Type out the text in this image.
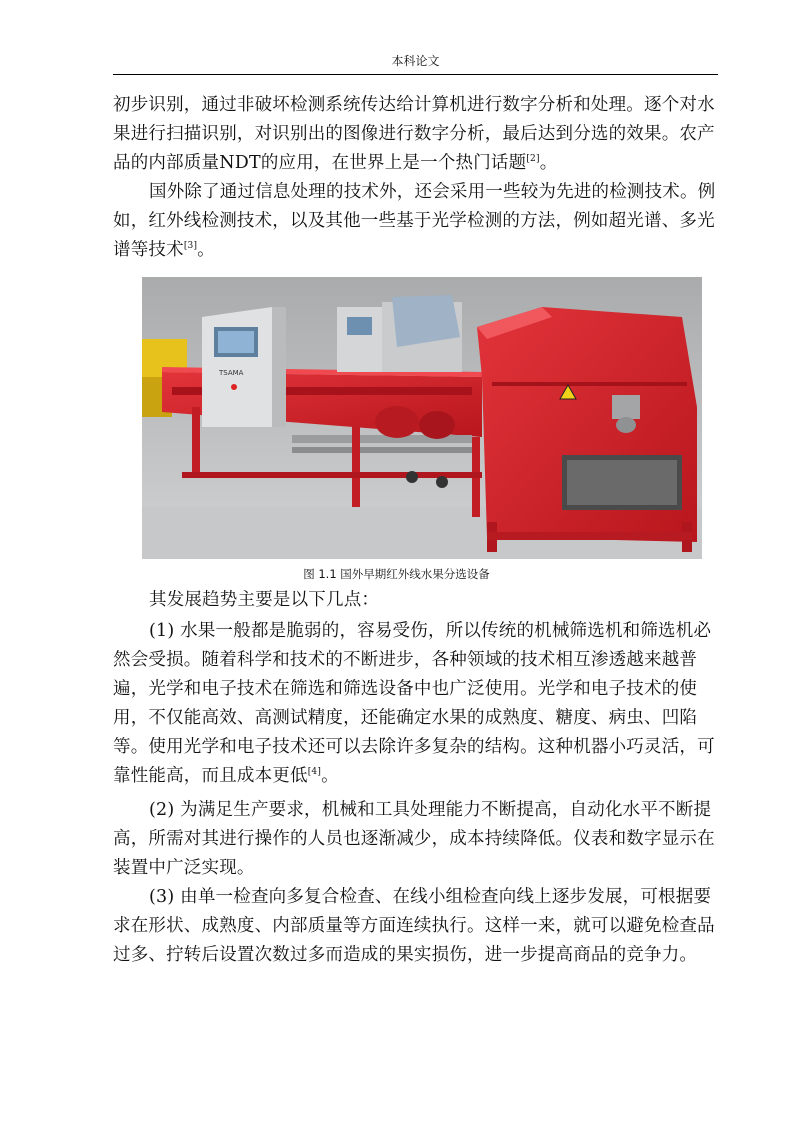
本科论文

初步识别，通过非破坏检测系统传达给计算机进行数字分析和处理。逐个对水果进行扫描识别，对识别出的图像进行数字分析，最后达到分选的效果。农产品的内部质量NDT的应用，在世界上是一个热门话题[2]。

国外除了通过信息处理的技术外，还会采用一些较为先进的检测技术。例如，红外线检测技术，以及其他一些基于光学检测的方法，例如超光谱、多光谱等技术[3]。

TSAMA
图 1.1 国外早期红外线水果分选设备

其发展趋势主要是以下几点：

(1) 水果一般都是脆弱的，容易受伤，所以传统的机械筛选机和筛选机必然会受损。随着科学和技术的不断进步，各种领域的技术相互渗透越来越普遍，光学和电子技术在筛选和筛选设备中也广泛使用。光学和电子技术的使用，不仅能高效、高测试精度，还能确定水果的成熟度、糖度、病虫、凹陷等。使用光学和电子技术还可以去除许多复杂的结构。这种机器小巧灵活，可靠性能高，而且成本更低[4]。

(2) 为满足生产要求，机械和工具处理能力不断提高，自动化水平不断提高，所需对其进行操作的人员也逐渐减少，成本持续降低。仪表和数字显示在装置中广泛实现。

(3) 由单一检查向多复合检查、在线小组检查向线上逐步发展，可根据要求在形状、成熟度、内部质量等方面连续执行。这样一来，就可以避免检查品过多、拧转后设置次数过多而造成的果实损伤，进一步提高商品的竞争力。
